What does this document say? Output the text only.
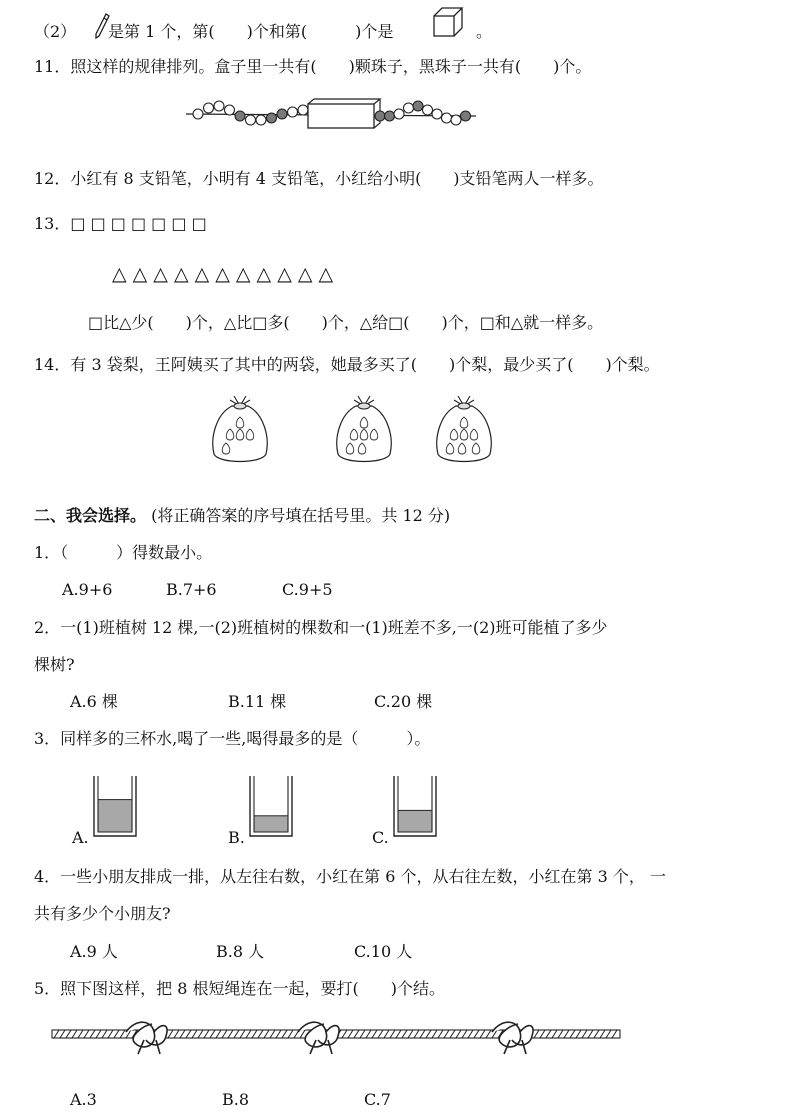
（2） 是第 1 个，第(　　)个和第(　　　)个是	。
11．照这样的规律排列。盒子里一共有(　　)颗珠子，黑珠子一共有(　　)个。
12．小红有 8 支铅笔，小明有 4 支铅笔，小红给小明(　　)支铅笔两人一样多。
13．□ □ □ □ □ □ □
△ △ △ △ △ △ △ △ △ △ △
□比△少(　　)个，△比□多(　　)个，△给□(　　)个，□和△就一样多。
14．有 3 袋梨，王阿姨买了其中的两袋，她最多买了(　　)个梨，最少买了(　　)个梨。
二、我会选择。 (将正确答案的序号填在括号里。共 12 分)
1．（　　　）得数最小。
A.9+6	B.7+6	C.9+5
2．一(1)班植树 12 棵,一(2)班植树的棵数和一(1)班差不多,一(2)班可能植了多少
棵树?
A.6 棵	B.11 棵	C.20 棵
3．同样多的三杯水,喝了一些,喝得最多的是（　　　）。
A.	B.	C.
4．一些小朋友排成一排，从左往右数，小红在第 6 个，从右往左数，小红在第 3 个， 一
共有多少个小朋友?
A.9 人	B.8 人	C.10 人
5．照下图这样，把 8 根短绳连在一起，要打(　　)个结。
A.3	B.8	C.7
